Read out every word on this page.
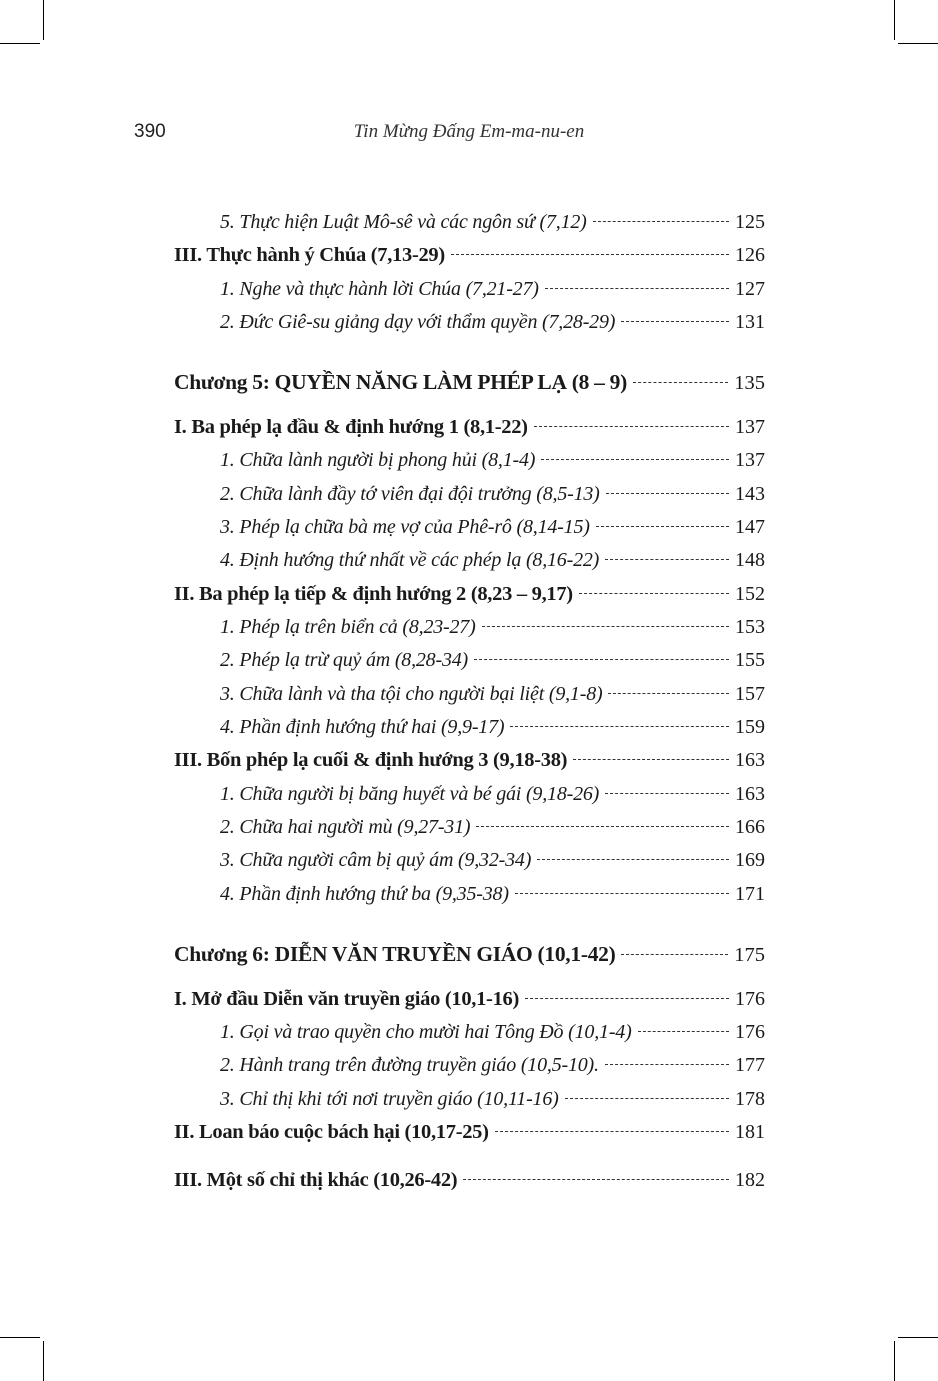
390	Tin Mừng Đấng Em-ma-nu-en
5. Thực hiện Luật Mô-sê và các ngôn sứ (7,12)	125
III. Thực hành ý Chúa (7,13-29)	126
1. Nghe và thực hành lời Chúa (7,21-27)	127
2. Đức Giê-su giảng dạy với thẩm quyền (7,28-29)	131
Chương 5: QUYỀN NĂNG LÀM PHÉP LẠ (8 – 9)	135
I. Ba phép lạ đầu & định hướng 1 (8,1-22)	137
1. Chữa lành người bị phong hủi (8,1-4)	137
2. Chữa lành đầy tớ viên đại đội trưởng (8,5-13)	143
3. Phép lạ chữa bà mẹ vợ của Phê-rô (8,14-15)	147
4. Định hướng thứ nhất về các phép lạ (8,16-22)	148
II. Ba phép lạ tiếp & định hướng 2 (8,23 – 9,17)	152
1. Phép lạ trên biển cả (8,23-27)	153
2. Phép lạ trừ quỷ ám (8,28-34)	155
3. Chữa lành và tha tội cho người bại liệt (9,1-8)	157
4. Phần định hướng thứ hai (9,9-17)	159
III. Bốn phép lạ cuối & định hướng 3 (9,18-38)	163
1. Chữa người bị băng huyết và bé gái (9,18-26)	163
2. Chữa hai người mù (9,27-31)	166
3. Chữa người câm bị quỷ ám (9,32-34)	169
4. Phần định hướng thứ ba (9,35-38)	171
Chương 6: DIỄN VĂN TRUYỀN GIÁO (10,1-42)	175
I. Mở đầu Diễn văn truyền giáo (10,1-16)	176
1. Gọi và trao quyền cho mười hai Tông Đồ (10,1-4)	176
2. Hành trang trên đường truyền giáo (10,5-10).	177
3. Chỉ thị khi tới nơi truyền giáo (10,11-16)	178
II. Loan báo cuộc bách hại (10,17-25)	181
III. Một số chỉ thị khác (10,26-42)	182
